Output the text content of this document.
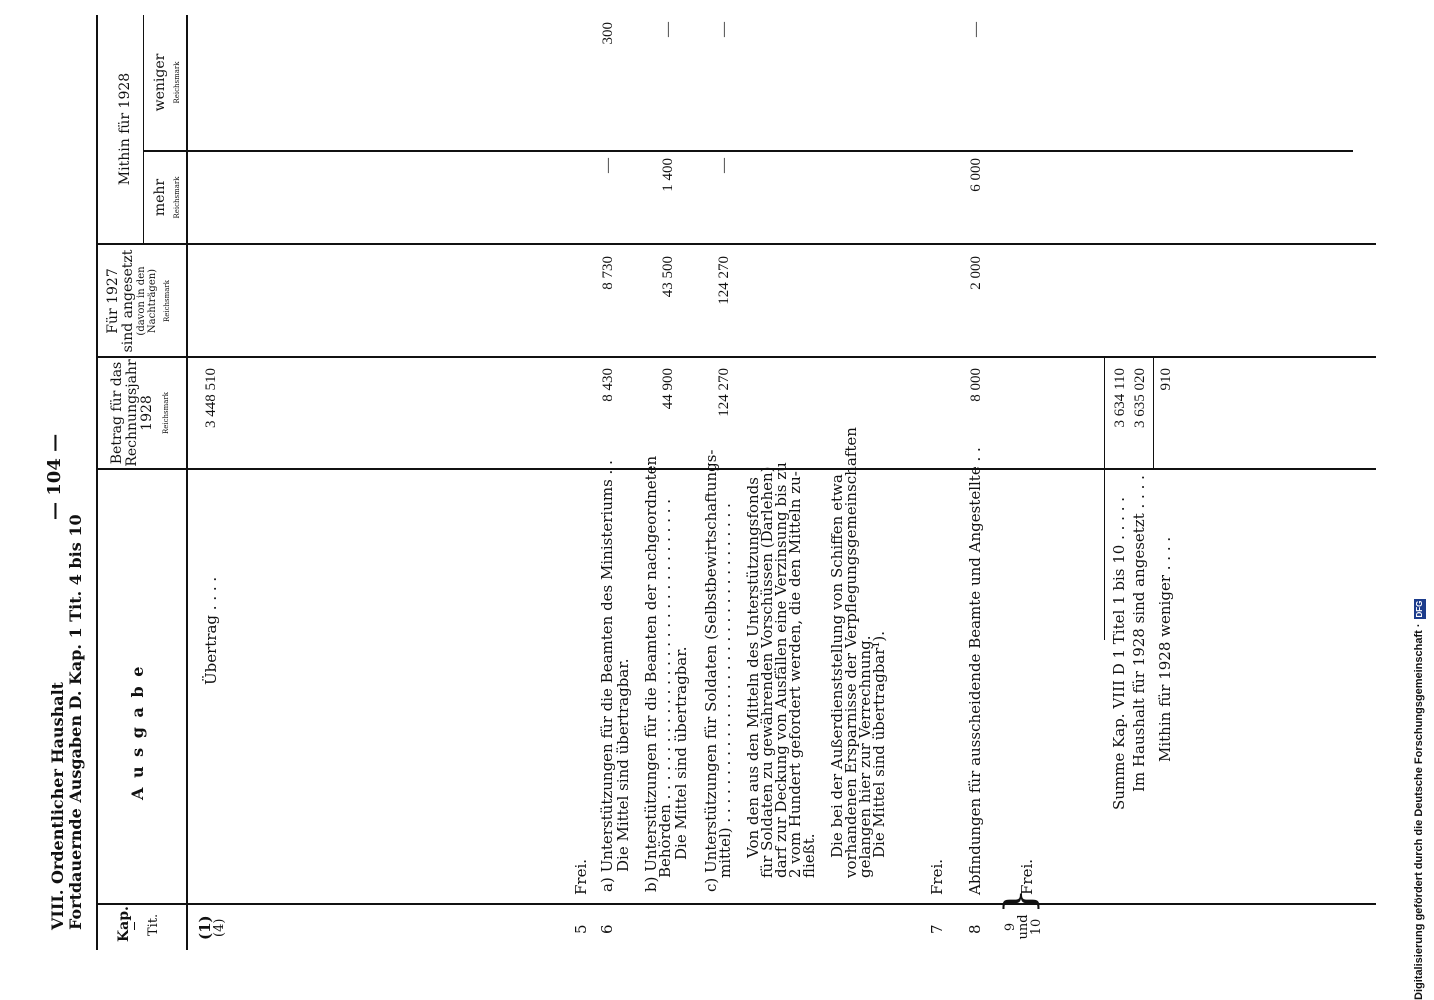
VIII. Ordentlicher Haushalt Fortdauernde Ausgaben D. Kap. 1 Tit. 4 bis 10
— 104 —
Kap. Tit.
A u s g a b e
Betrag für das Rechnungsjahr 1928	Reichsmark
Für 1927 sind angesetzt (davon in den Nachträgen) Reichsmark
Mithin für 1928
mehr Reichsmark
weniger Reichsmark
(1)
(4)
Übertrag . . . .
3 448 510
5
Frei.
6
a) Unterstützungen für die Beamten des Ministeriums . .
Die Mittel sind übertragbar.
8 430
8 730
—
300
b) Unterstützungen für die Beamten der nachgeordneten
Behörden . . . . . . . . . . . . . . . . . . . . . . . . . . . . . . . .
Die Mittel sind übertragbar.
44 900
43 500
1 400
—
c) Unterstützungen für Soldaten (Selbstbewirtschaftungs-
mittel) . . . . . . . . . . . . . . . . . . . . . . . . . . . . . . . . . . Von den aus den Mitteln des Unterstützungsfonds
für Soldaten zu gewährenden Vorschüssen (Darlehen)
darf zur Deckung von Ausfällen eine Verzinsung bis zu
2 vom Hundert gefordert werden, die den Mitteln zu-
fließt. Die bei der Außerdienststellung von Schiffen etwa
vorhandenen Ersparnisse der Verpflegungsgemeinschaften
gelangen hier zur Verrechnung.
Die Mittel sind übertragbar¹).
124 270
124 270
—
—
7
Frei.
8
Abfindungen für ausscheidende Beamte und Angestellte . .
8 000
2 000
6 000
—
9
und
10
}
Frei.
Summe Kap. VIII D 1 Titel 1 bis 10 . . . . .
3 634 110
Im Haushalt für 1928 sind angesetzt . . . .
3 635 020
Mithin für 1928 weniger . . . .
910
Digitalisierung gefördert durch die Deutsche Forschungsgemeinschaft ·DFG
